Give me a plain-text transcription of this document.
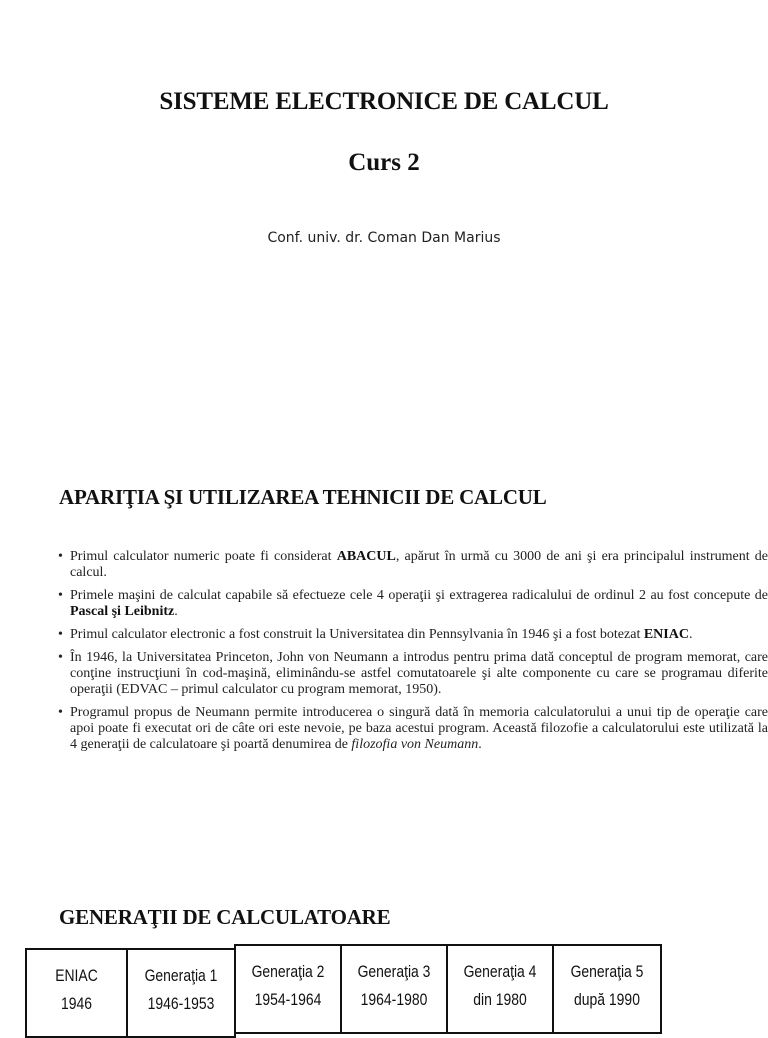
SISTEME ELECTRONICE DE CALCUL
Curs 2
Conf. univ. dr. Coman Dan Marius
APARIŢIA ŞI UTILIZAREA TEHNICII DE CALCUL
• Primul calculator numeric poate fi considerat ABACUL, apărut în urmă cu 3000 de ani şi era principalul instrument de calcul.
• Primele maşini de calculat capabile să efectueze cele 4 operaţii şi extragerea radicalului de ordinul 2 au fost concepute de Pascal şi Leibnitz.
• Primul calculator electronic a fost construit la Universitatea din Pennsylvania în 1946 şi a fost botezat ENIAC.
• În 1946, la Universitatea Princeton, John von Neumann a introdus pentru prima dată conceptul de program memorat, care conţine instrucţiuni în cod-maşină, eliminându-se astfel comutatoarele şi alte componente cu care se programau diferite operaţii (EDVAC – primul calculator cu program memorat, 1950).
• Programul propus de Neumann permite introducerea o singură dată în memoria calculatorului a unui tip de operaţie care apoi poate fi executat ori de câte ori este nevoie, pe baza acestui program. Această filozofie a calculatorului este utilizată la 4 generaţii de calculatoare şi poartă denumirea de filozofia von Neumann.
GENERAŢII DE CALCULATOARE
ENIAC
1946
Generaţia 1
1946-1953
Generaţia 2
1954-1964
Generaţia 3
1964-1980
Generaţia 4
din 1980
Generaţia 5
după 1990
